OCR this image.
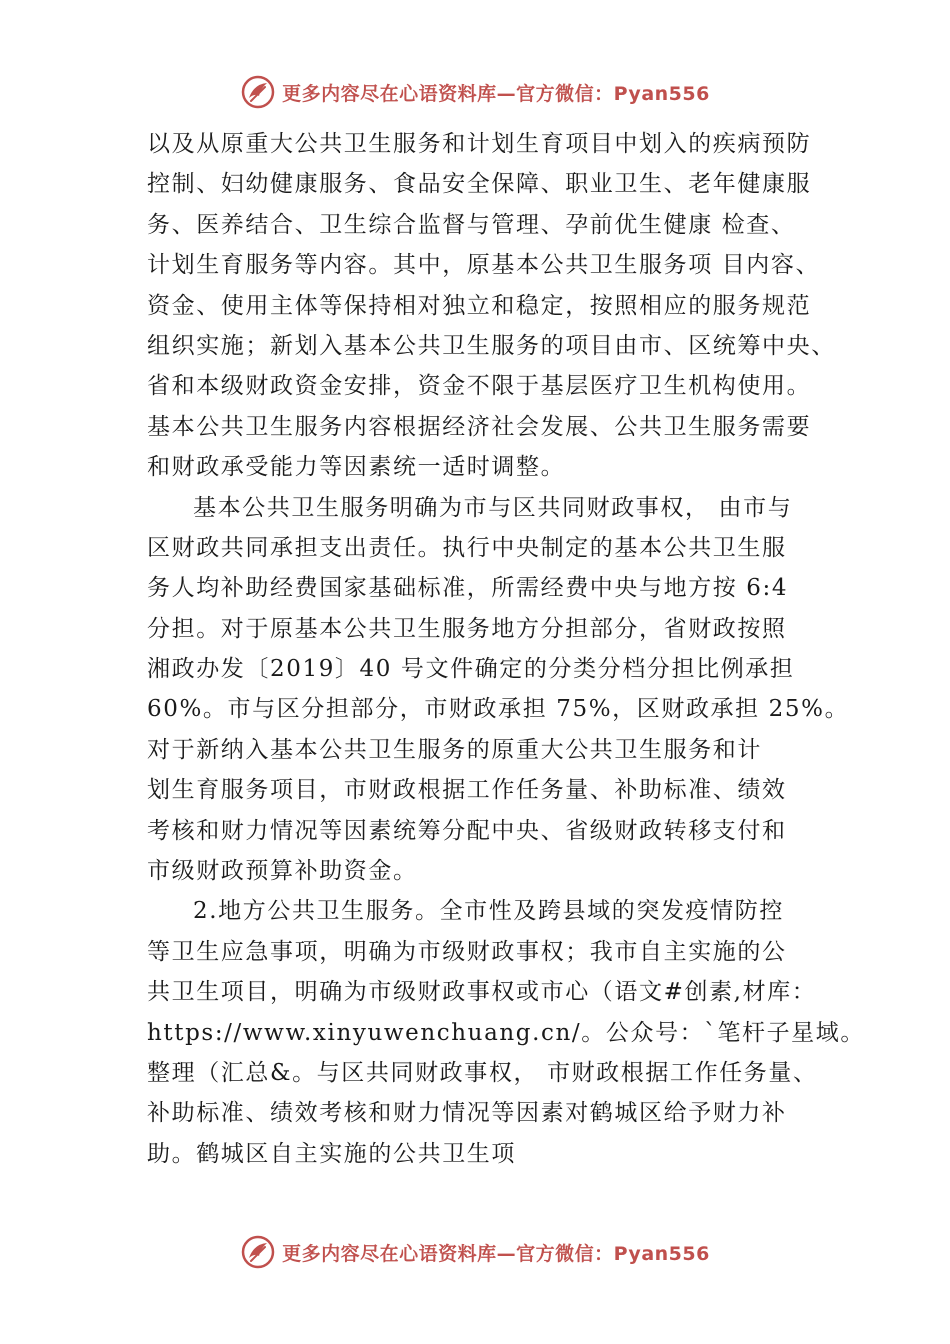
更多内容尽在心语资料库—官方微信：Pyan556
以及从原重大公共卫生服务和计划生育项目中划入的疾病预防
控制、妇幼健康服务、食品安全保障、职业卫生、老年健康服
务、医养结合、卫生综合监督与管理、孕前优生健康 检查、
计划生育服务等内容。其中，原基本公共卫生服务项 目内容、
资金、使用主体等保持相对独立和稳定，按照相应的服务规范
组织实施；新划入基本公共卫生服务的项目由市、区统筹中央、
省和本级财政资金安排，资金不限于基层医疗卫生机构使用。
基本公共卫生服务内容根据经济社会发展、公共卫生服务需要
和财政承受能力等因素统一适时调整。
基本公共卫生服务明确为市与区共同财政事权， 由市与
区财政共同承担支出责任。执行中央制定的基本公共卫生服
务人均补助经费国家基础标准，所需经费中央与地方按 6:4
分担。对于原基本公共卫生服务地方分担部分，省财政按照
湘政办发〔2019〕40 号文件确定的分类分档分担比例承担
60%。市与区分担部分，市财政承担 75%，区财政承担 25%。
对于新纳入基本公共卫生服务的原重大公共卫生服务和计
划生育服务项目，市财政根据工作任务量、补助标准、绩效
考核和财力情况等因素统筹分配中央、省级财政转移支付和
市级财政预算补助资金。
2.地方公共卫生服务。全市性及跨县域的突发疫情防控
等卫生应急事项，明确为市级财政事权；我市自主实施的公
共卫生项目，明确为市级财政事权或市心（语文#创素,材库：
https://www.xinyuwenchuang.cn/。公众号：`笔杆子星域。
整理（汇总&。与区共同财政事权， 市财政根据工作任务量、
补助标准、绩效考核和财力情况等因素对鹤城区给予财力补
助。鹤城区自主实施的公共卫生项
更多内容尽在心语资料库—官方微信：Pyan556
